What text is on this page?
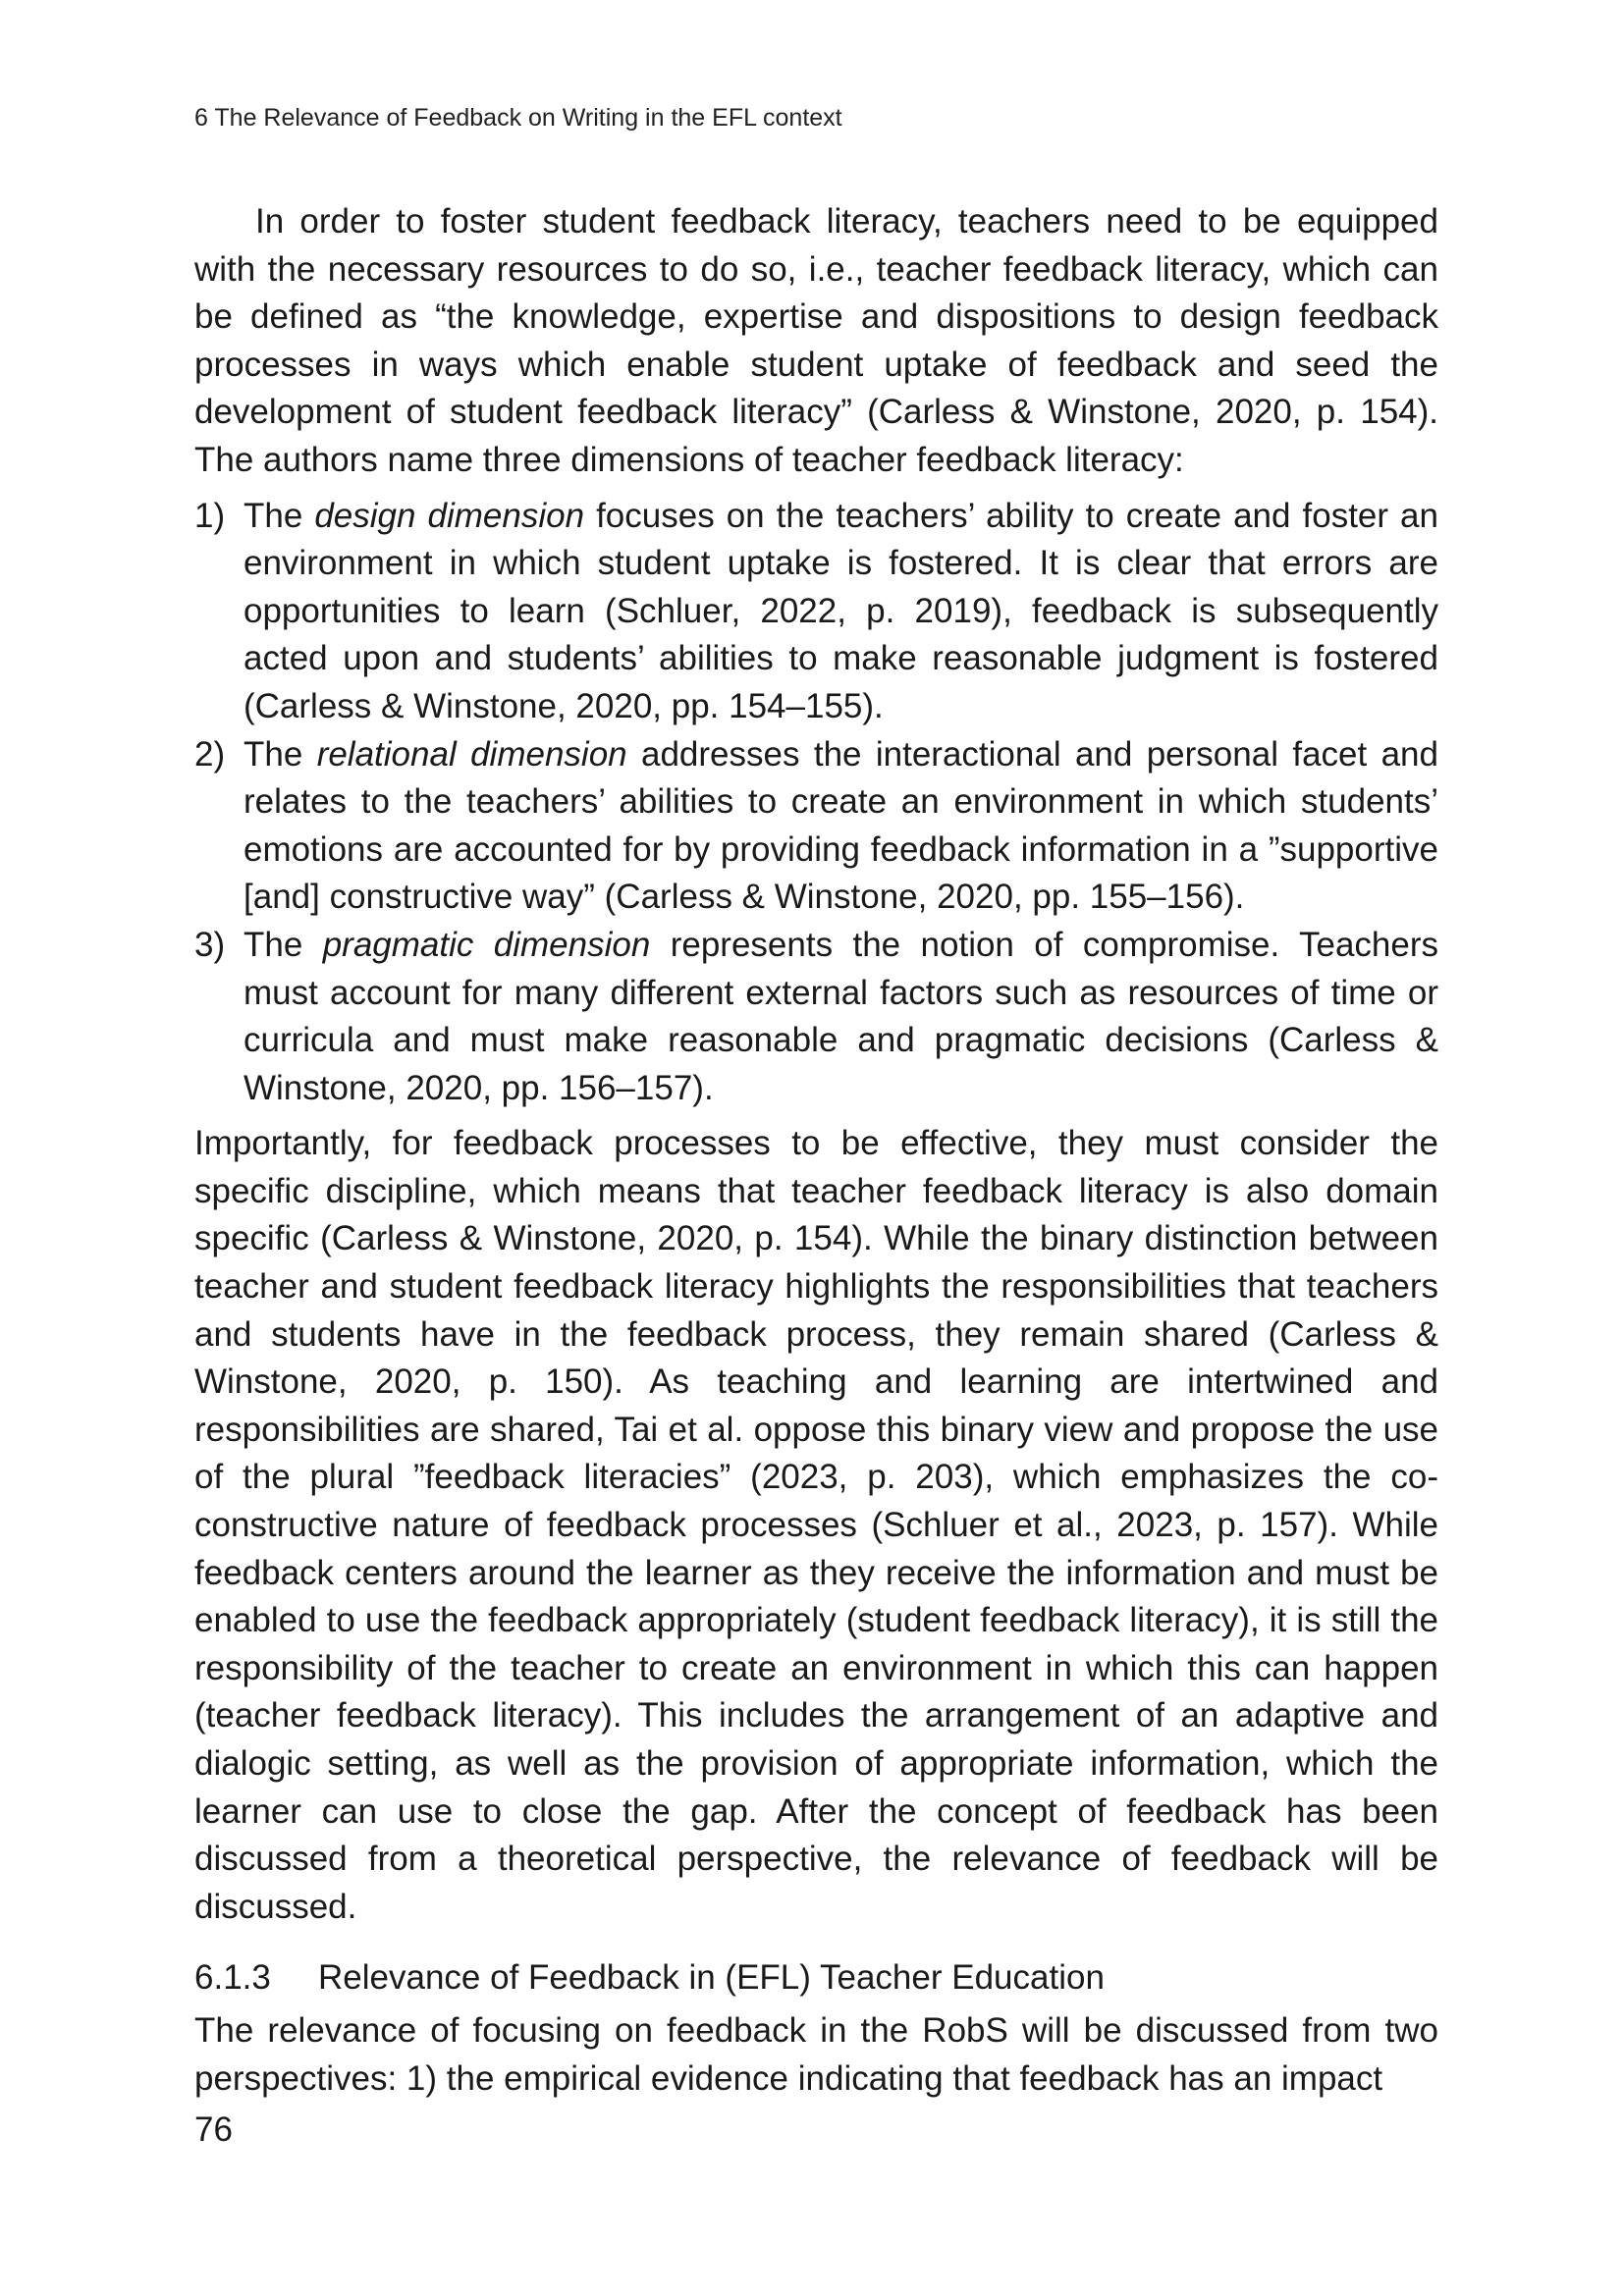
6 The Relevance of Feedback on Writing in the EFL context

In order to foster student feedback literacy, teachers need to be equipped with the necessary resources to do so, i.e., teacher feedback literacy, which can be defined as “the knowledge, expertise and dispositions to design feedback processes in ways which enable student uptake of feedback and seed the development of student feedback literacy” (Carless & Winstone, 2020, p. 154). The authors name three dimensions of teacher feedback literacy:

1) The design dimension focuses on the teachers’ ability to create and foster an environment in which student uptake is fostered. It is clear that errors are opportunities to learn (Schluer, 2022, p. 2019), feedback is subsequently acted upon and students’ abilities to make reasonable judgment is fostered (Carless & Winstone, 2020, pp. 154–155).
2) The relational dimension addresses the interactional and personal facet and relates to the teachers’ abilities to create an environment in which students’ emotions are accounted for by providing feedback information in a ”supportive [and] constructive way” (Carless & Winstone, 2020, pp. 155–156).
3) The pragmatic dimension represents the notion of compromise. Teachers must account for many different external factors such as resources of time or curricula and must make reasonable and pragmatic decisions (Carless & Winstone, 2020, pp. 156–157).

Importantly, for feedback processes to be effective, they must consider the specific discipline, which means that teacher feedback literacy is also domain specific (Carless & Winstone, 2020, p. 154). While the binary distinction between teacher and student feedback literacy highlights the responsibilities that teachers and students have in the feedback process, they remain shared (Carless & Winstone, 2020, p. 150). As teaching and learning are intertwined and responsibilities are shared, Tai et al. oppose this binary view and propose the use of the plural ”feedback literacies” (2023, p. 203), which emphasizes the co-constructive nature of feedback processes (Schluer et al., 2023, p. 157). While feedback centers around the learner as they receive the information and must be enabled to use the feedback appropriately (student feedback literacy), it is still the responsibility of the teacher to create an environment in which this can happen (teacher feedback literacy). This includes the arrangement of an adaptive and dialogic setting, as well as the provision of appropriate information, which the learner can use to close the gap. After the concept of feedback has been discussed from a theoretical perspective, the relevance of feedback will be discussed.

6.1.3 Relevance of Feedback in (EFL) Teacher Education

The relevance of focusing on feedback in the RobS will be discussed from two perspectives: 1) the empirical evidence indicating that feedback has an impact

76
